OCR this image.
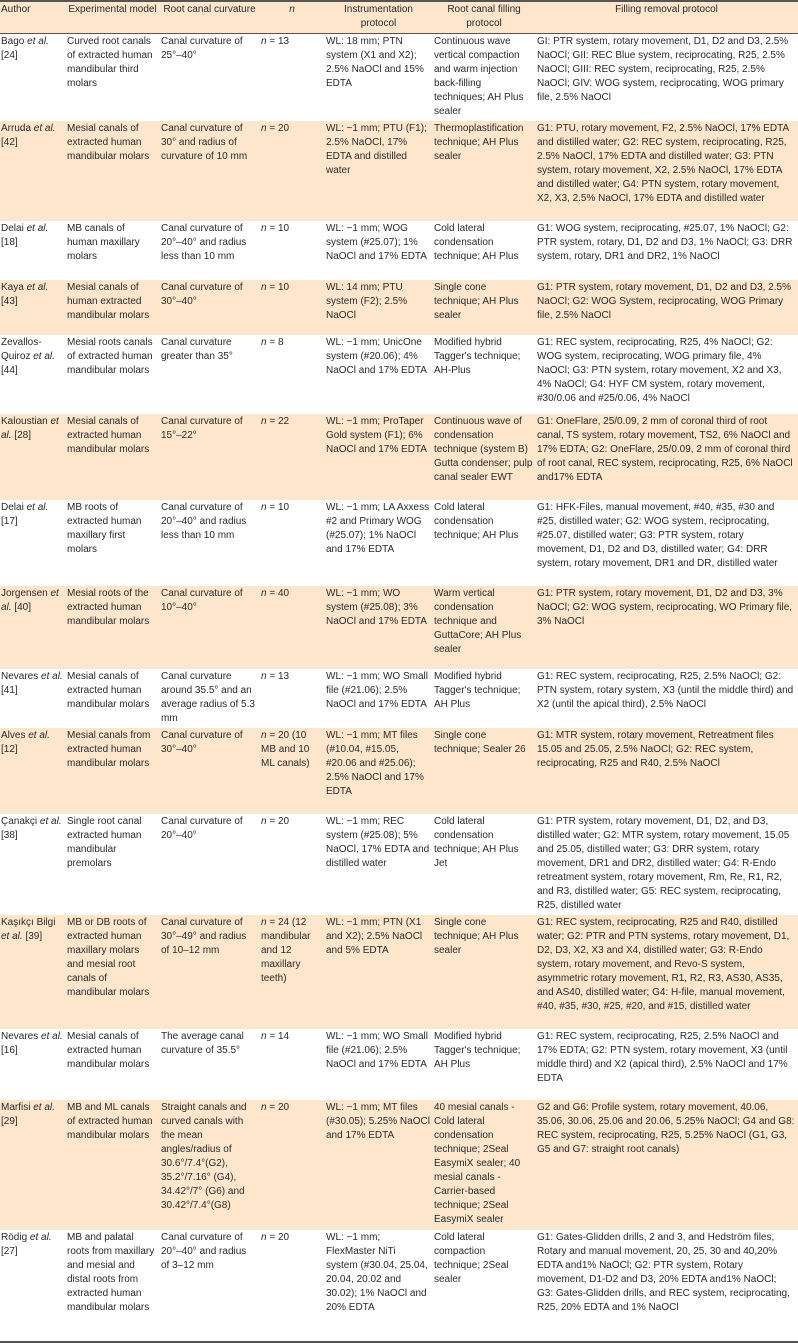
Author	Experimental model	Root canal curvature	n	Instrumentation protocol	Root canal filling protocol	Filling removal protocol
Bago et al. [24]	Curved root canals of extracted human mandibular third molars	Canal curvature of 25°–40°	n = 13	WL: 18 mm; PTN system (X1 and X2); 2.5% NaOCl and 15% EDTA	Continuous wave vertical compaction and warm injection back-filling techniques; AH Plus sealer	GI: PTR system, rotary movement, D1, D2 and D3, 2.5% NaOCl; GII: REC Blue system, reciprocating, R25, 2.5% NaOCl; GIII: REC system, reciprocating, R25, 2.5% NaOCl; GIV: WOG system, reciprocating, WOG primary file, 2.5% NaOCl
Arruda et al. [42]	Mesial canals of extracted human mandibular molars	Canal curvature of 30° and radius of curvature of 10 mm	n = 20	WL: −1 mm; PTU (F1); 2.5% NaOCl, 17% EDTA and distilled water	Thermoplastification technique; AH Plus sealer	G1: PTU, rotary movement, F2, 2.5% NaOCl, 17% EDTA and distilled water; G2: REC system, reciprocating, R25, 2.5% NaOCl, 17% EDTA and distilled water; G3: PTN system, rotary movement, X2, 2.5% NaOCl, 17% EDTA and distilled water; G4: PTN system, rotary movement, X2, X3, 2.5% NaOCl, 17% EDTA and distilled water
Delai et al. [18]	MB canals of human maxillary molars	Canal curvature of 20°–40° and radius less than 10 mm	n = 10	WL: −1 mm; WOG system (#25.07); 1% NaOCl and 17% EDTA	Cold lateral condensation technique; AH Plus	G1: WOG system, reciprocating, #25.07, 1% NaOCl; G2: PTR system, rotary, D1, D2 and D3, 1% NaOCl; G3: DRR system, rotary, DR1 and DR2, 1% NaOCl
Kaya et al. [43]	Mesial canals of human extracted mandibular molars	Canal curvature of 30°–40°	n = 10	WL: 14 mm; PTU system (F2); 2.5% NaOCl	Single cone technique; AH Plus sealer	G1: PTR system, rotary movement, D1, D2 and D3, 2.5% NaOCl; G2: WOG System, reciprocating, WOG Primary file, 2.5% NaOCl
Zevallos-Quiroz et al. [44]	Mesial roots canals of extracted human mandibular molars	Canal curvature greater than 35°	n = 8	WL: −1 mm; UnicOne system (#20.06); 4% NaOCl and 17% EDTA	Modified hybrid Tagger's technique; AH-Plus	G1: REC system, reciprocating, R25, 4% NaOCl; G2: WOG system, reciprocating, WOG primary file, 4% NaOCl; G3: PTN system, rotary movement, X2 and X3, 4% NaOCl; G4: HYF CM system, rotary movement, #30/0.06 and #25/0.06, 4% NaOCl
Kaloustian et al. [28]	Mesial canals of extracted human mandibular molars	Canal curvature of 15°–22°	n = 22	WL: −1 mm; ProTaper Gold system (F1); 6% NaOCl and 17% EDTA	Continuous wave of condensation technique (system B) Gutta condenser; pulp canal sealer EWT	G1: OneFlare, 25/0.09, 2 mm of coronal third of root canal, TS system, rotary movement, TS2, 6% NaOCl and 17% EDTA; G2: OneFlare, 25/0.09, 2 mm of coronal third of root canal, REC system, reciprocating, R25, 6% NaOCl and17% EDTA
Delai et al. [17]	MB roots of extracted human maxillary first molars	Canal curvature of 20°–40° and radius less than 10 mm	n = 10	WL: −1 mm; LA Axxess #2 and Primary WOG (#25.07); 1% NaOCl and 17% EDTA	Cold lateral condensation technique; AH Plus	G1: HFK-Files, manual movement, #40, #35, #30 and #25, distilled water; G2: WOG system, reciprocating, #25.07, distilled water; G3: PTR system, rotary movement, D1, D2 and D3, distilled water; G4: DRR system, rotary movement, DR1 and DR, distilled water
Jorgensen et al. [40]	Mesial roots of the extracted human mandibular molars	Canal curvature of 10°–40°	n = 40	WL: −1 mm; WO system (#25.08); 3% NaOCl and 17% EDTA	Warm vertical condensation technique and GuttaCore; AH Plus sealer	G1: PTR system, rotary movement, D1, D2 and D3, 3% NaOCl; G2: WOG system, reciprocating, WO Primary file, 3% NaOCl
Nevares et al. [41]	Mesial canals of extracted human mandibular molars	Canal curvature around 35.5° and an average radius of 5.3 mm	n = 13	WL: −1 mm; WO Small file (#21.06); 2.5% NaOCl and 17% EDTA	Modified hybrid Tagger's technique; AH Plus	G1: REC system, reciprocating, R25, 2.5% NaOCl; G2: PTN system, rotary system, X3 (until the middle third) and X2 (until the apical third), 2.5% NaOCl
Alves et al. [12]	Mesial canals from extracted human mandibular molars	Canal curvature of 30°–40°	n = 20 (10 MB and 10 ML canals)	WL: −1 mm; MT files (#10.04, #15.05, #20.06 and #25.06); 2.5% NaOCl and 17% EDTA	Single cone technique; Sealer 26	G1: MTR system, rotary movement, Retreatment files 15.05 and 25.05, 2.5% NaOCl; G2: REC system, reciprocating, R25 and R40, 2.5% NaOCl
Çanakçi et al. [38]	Single root canal extracted human mandibular premolars	Canal curvature of 20°–40°	n = 20	WL: −1 mm; REC system (#25.08); 5% NaOCl, 17% EDTA and distilled water	Cold lateral condensation technique; AH Plus Jet	G1: PTR system, rotary movement, D1, D2, and D3, distilled water; G2: MTR system, rotary movement, 15.05 and 25.05, distilled water; G3: DRR system, rotary movement, DR1 and DR2, distilled water; G4: R-Endo retreatment system, rotary movement, Rm, Re, R1, R2, and R3, distilled water; G5: REC system, reciprocating, R25, distilled water
Kaşıkçı Bilgi et al. [39]	MB or DB roots of extracted human maxillary molars and mesial root canals of mandibular molars	Canal curvature of 30°–49° and radius of 10–12 mm	n = 24 (12 mandibular and 12 maxillary teeth)	WL: −1 mm; PTN (X1 and X2); 2.5% NaOCl and 5% EDTA	Single cone technique; AH Plus sealer	G1: REC system, reciprocating, R25 and R40, distilled water; G2: PTR and PTN systems, rotary movement, D1, D2, D3, X2, X3 and X4, distilled water; G3: R-Endo system, rotary movement, and Revo-S system, asymmetric rotary movement, R1, R2, R3, AS30, AS35, and AS40, distilled water; G4: H-file, manual movement, #40, #35, #30, #25, #20, and #15, distilled water
Nevares et al. [16]	Mesial canals of extracted human mandibular molars	The average canal curvature of 35.5°	n = 14	WL: −1 mm; WO Small file (#21.06); 2.5% NaOCl and 17% EDTA	Modified hybrid Tagger's technique; AH Plus	G1: REC system, reciprocating, R25, 2.5% NaOCl and 17% EDTA; G2: PTN system, rotary movement, X3 (until middle third) and X2 (apical third), 2.5% NaOCl and 17% EDTA
Marfisi et al. [29]	MB and ML canals of extracted human mandibular molars	Straight canals and curved canals with the mean angles/radius of 30.6°/7.4°(G2), 35.2°/7.16° (G4), 34.42°/7° (G6) and 30.42°/7.4°(G8)	n = 20	WL: −1 mm; MT files (#30.05); 5.25% NaOCl and 17% EDTA	40 mesial canals - Cold lateral condensation technique; 2Seal EasymiX sealer; 40 mesial canals - Carrier-based technique; 2Seal EasymiX sealer	G2 and G6: Profile system, rotary movement, 40.06, 35.06, 30.06, 25.06 and 20.06, 5.25% NaOCl; G4 and G8: REC system, reciprocating, R25, 5.25% NaOCl (G1, G3, G5 and G7: straight root canals)
Rödig et al. [27]	MB and palatal roots from maxillary and mesial and distal roots from extracted human mandibular molars	Canal curvature of 20°–40° and radius of 3–12 mm	n = 20	WL: −1 mm; FlexMaster NiTi system (#30.04, 25.04, 20.04, 20.02 and 30.02); 1% NaOCl and 20% EDTA	Cold lateral compaction technique; 2Seal sealer	G1: Gates-Glidden drills, 2 and 3, and Hedström files, Rotary and manual movement, 20, 25, 30 and 40,20% EDTA and1% NaOCl; G2: PTR system, Rotary movement, D1-D2 and D3, 20% EDTA and1% NaOCl; G3: Gates-Glidden drills, and REC system, reciprocating, R25, 20% EDTA and 1% NaOCl
